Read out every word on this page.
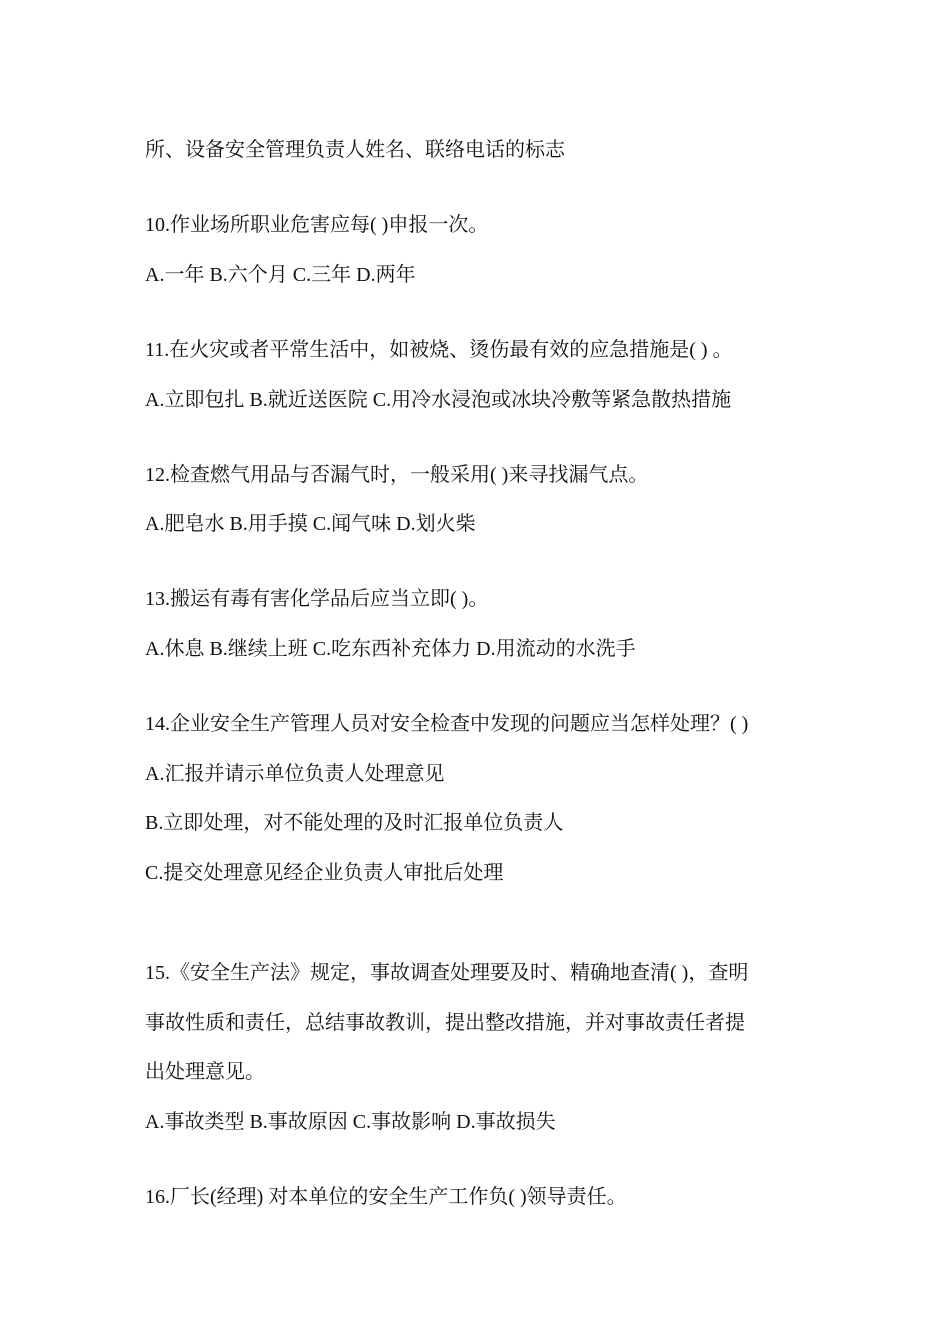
所、设备安全管理负责人姓名、联络电话的标志
10.作业场所职业危害应每( )申报一次。
A.一年 B.六个月 C.三年 D.两年
11.在火灾或者平常生活中，如被烧、烫伤最有效的应急措施是( ) 。
A.立即包扎 B.就近送医院 C.用冷水浸泡或冰块冷敷等紧急散热措施
12.检查燃气用品与否漏气时，一般采用( )来寻找漏气点。
A.肥皂水 B.用手摸 C.闻气味 D.划火柴
13.搬运有毒有害化学品后应当立即( )。
A.休息 B.继续上班 C.吃东西补充体力 D.用流动的水洗手
14.企业安全生产管理人员对安全检查中发现的问题应当怎样处理？( )
A.汇报并请示单位负责人处理意见
B.立即处理，对不能处理的及时汇报单位负责人
C.提交处理意见经企业负责人审批后处理
15.《安全生产法》规定，事故调查处理要及时、精确地查清( )，查明
事故性质和责任，总结事故教训，提出整改措施，并对事故责任者提
出处理意见。
A.事故类型 B.事故原因 C.事故影响 D.事故损失
16.厂长(经理) 对本单位的安全生产工作负( )领导责任。
